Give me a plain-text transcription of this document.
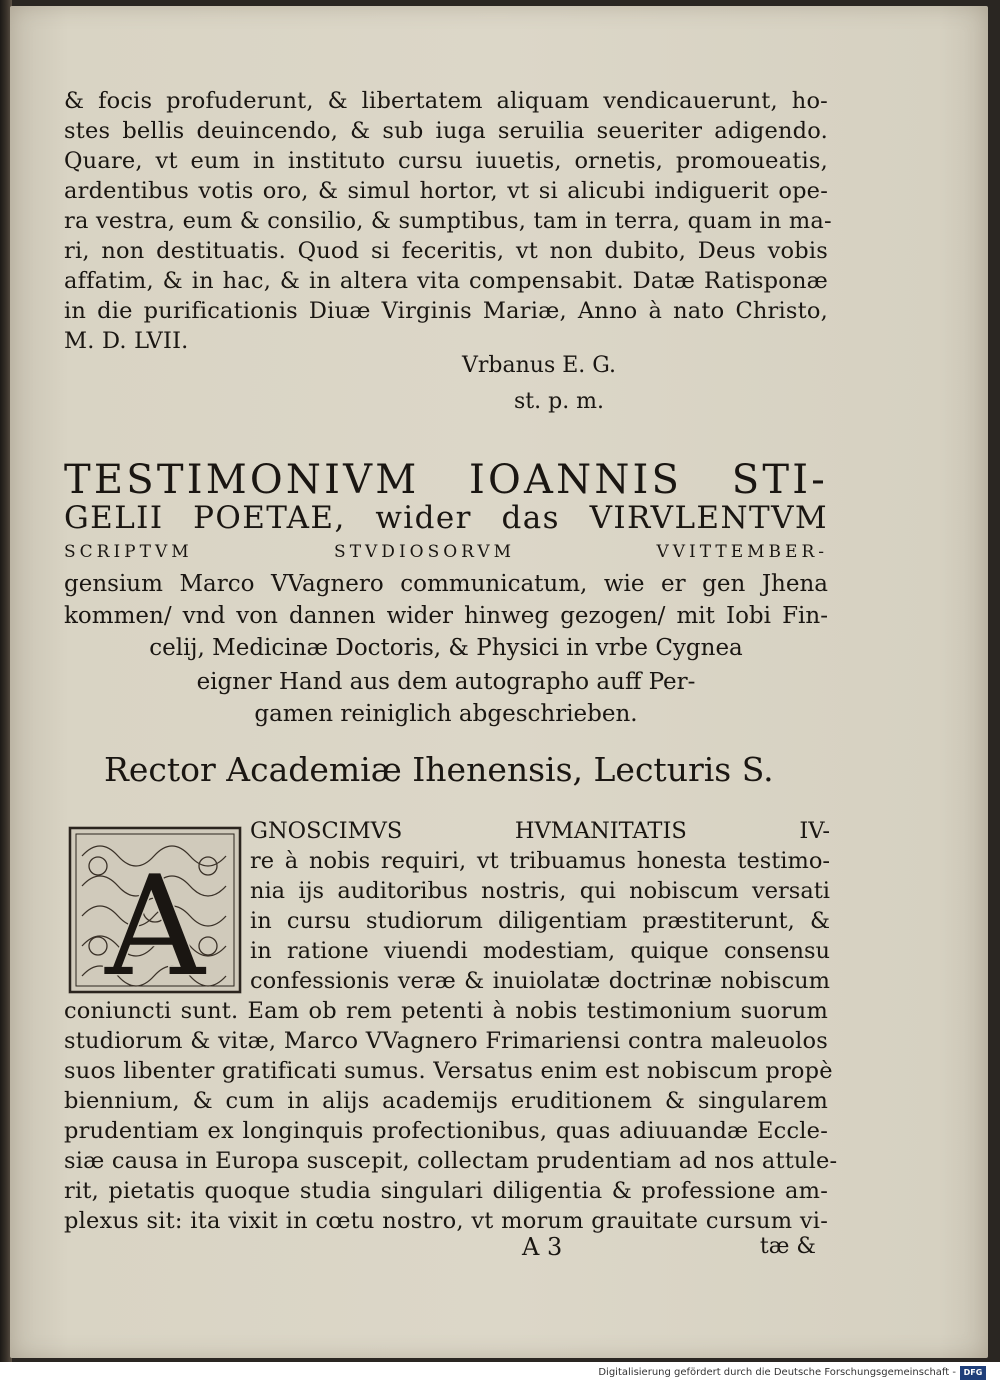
& focis profuderunt, & libertatem aliquam vendicauerunt, ho-
stes bellis deuincendo, & sub iuga seruilia seueriter adigendo.
Quare, vt eum in instituto cursu iuuetis, ornetis, promoueatis,
ardentibus votis oro, & simul hortor, vt si alicubi indiguerit ope-
ra vestra, eum & consilio, & sumptibus, tam in terra, quam in ma-
ri, non destituatis. Quod si feceritis, vt non dubito, Deus vobis
affatim, & in hac, & in altera vita compensabit. Datæ Ratisponæ
in die purificationis Diuæ Virginis Mariæ, Anno à nato Christo,
M. D. LVII.
Vrbanus E. G.
st. p. m.
TESTIMONIVM IOANNIS STI-
GELII POETAE, wider das VIRVLENTVM
SCRIPTVM STVDIOSORVM VVITTEMBER-
gensium Marco VVagnero communicatum, wie er gen Jhena
kommen/ vnd von dannen wider hinweg gezogen/ mit Iobi Fin-
celij, Medicinæ Doctoris, & Physici in vrbe Cygnea
eigner Hand aus dem autographo auff Per-
gamen reiniglich abgeschrieben.
Rector Academiæ Ihenensis, Lecturis S.
A
GNOSCIMVS HVMANITATIS IV-
re à nobis requiri, vt tribuamus honesta testimo-
nia ijs auditoribus nostris, qui nobiscum versati
in cursu studiorum diligentiam præstiterunt, &
in ratione viuendi modestiam, quique consensu
confessionis veræ & inuiolatæ doctrinæ nobiscum
coniuncti sunt. Eam ob rem petenti à nobis testimonium suorum
studiorum & vitæ, Marco VVagnero Frimariensi contra maleuolos
suos libenter gratificati sumus. Versatus enim est nobiscum propè
biennium, & cum in alijs academijs eruditionem & singularem
prudentiam ex longinquis profectionibus, quas adiuuandæ Eccle-
siæ causa in Europa suscepit, collectam prudentiam ad nos attule-
rit, pietatis quoque studia singulari diligentia & professione am-
plexus sit: ita vixit in cœtu nostro, vt morum grauitate cursum vi-
A 3	tæ &
Digitalisierung gefördert durch die Deutsche Forschungsgemeinschaft - DFG
